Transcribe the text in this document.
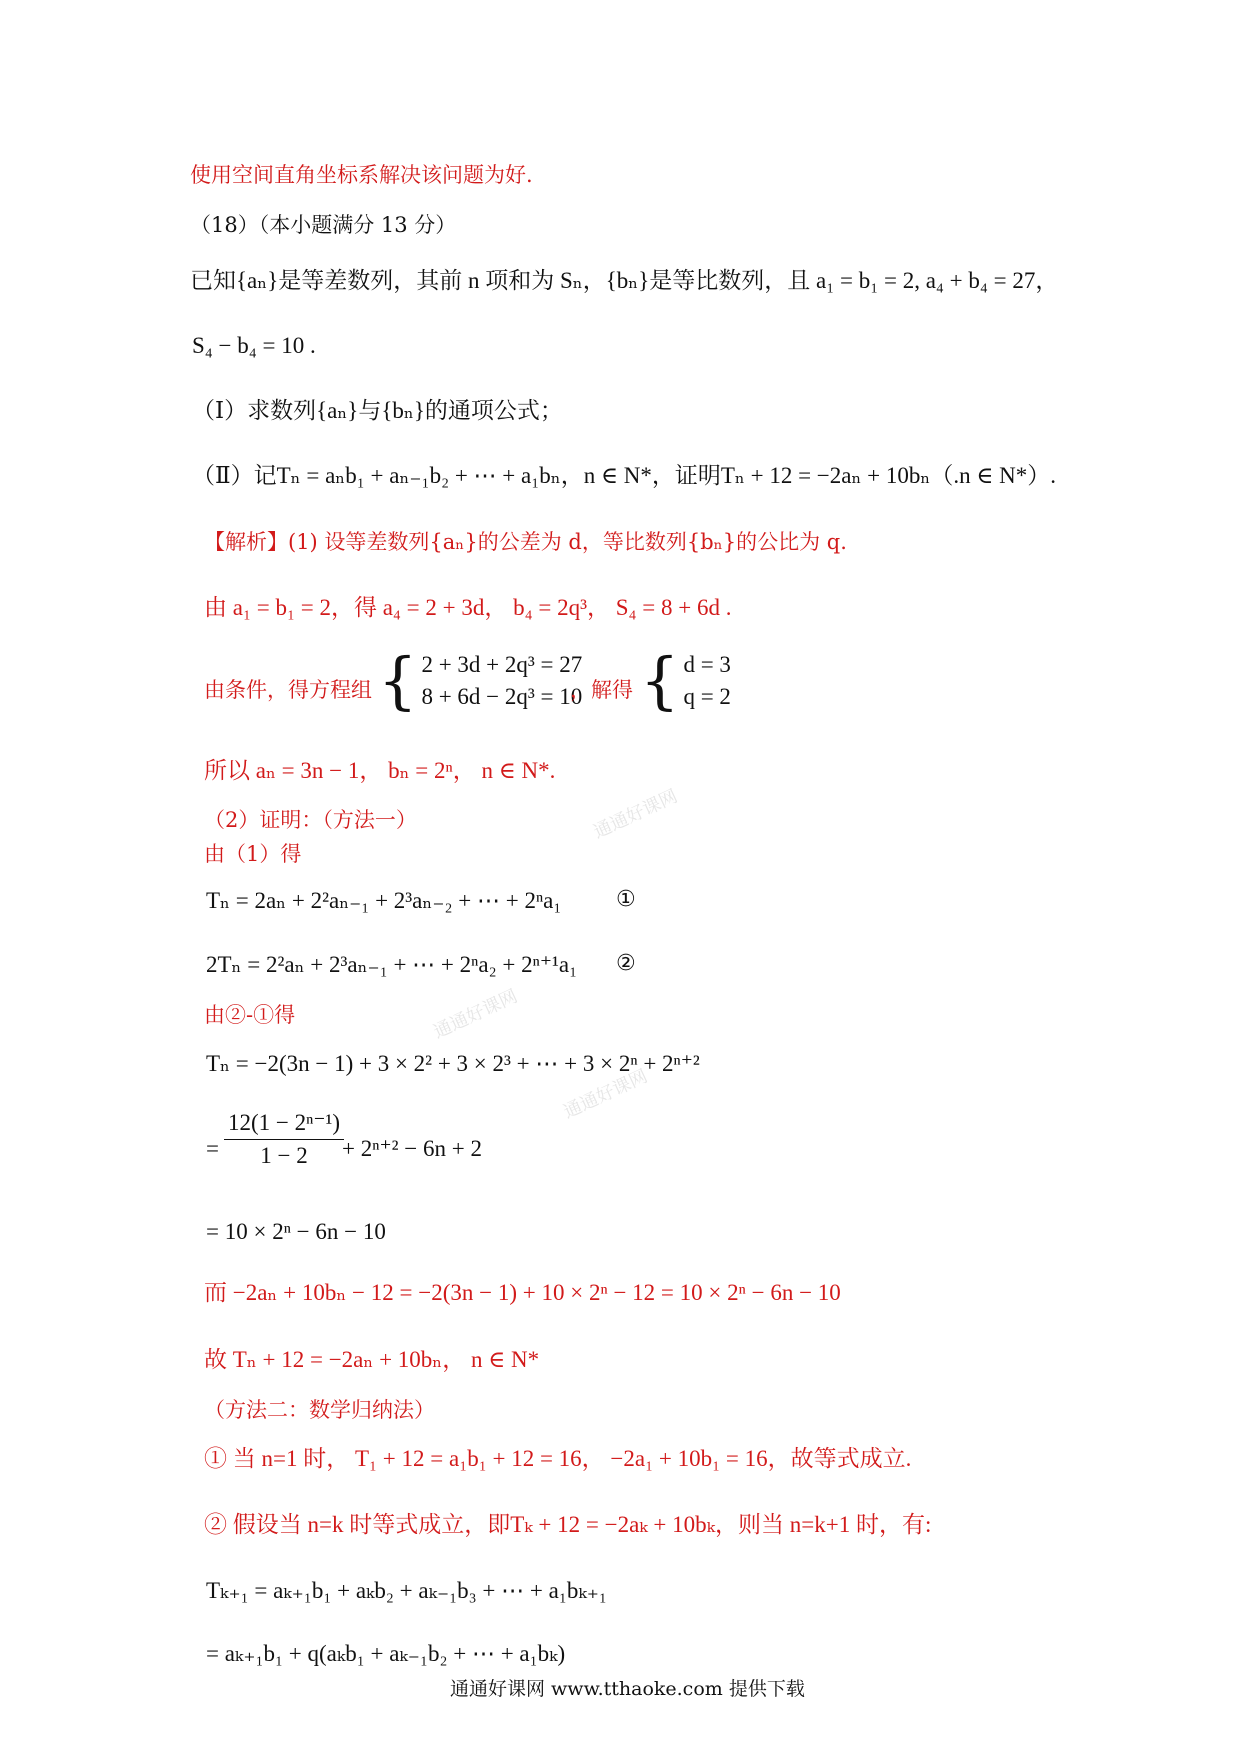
通通好课网
通通好课网
通通好课网
使用空间直角坐标系解决该问题为好.
（18）（本小题满分 13 分）
已知{aₙ}是等差数列，其前 n 项和为 Sₙ，{bₙ}是等比数列，且 a₁ = b₁ = 2, a₄ + b₄ = 27，
S₄ − b₄ = 10 .
（Ⅰ）求数列{aₙ}与{bₙ}的通项公式；
（Ⅱ）记Tₙ = aₙb₁ + aₙ₋₁b₂ + ⋯ + a₁bₙ，n ∈ N*，证明Tₙ + 12 = −2aₙ + 10bₙ（.n ∈ N*）.
【解析】(1) 设等差数列{aₙ}的公差为 d，等比数列{bₙ}的公比为 q.
由 a₁ = b₁ = 2，得 a₄ = 2 + 3d， b₄ = 2q³， S₄ = 8 + 6d .
由条件，得方程组 { 2 + 3d + 2q³ = 27
8 + 6d − 2q³ = 10
，解得 { d = 3
q = 2
所以 aₙ = 3n − 1， bₙ = 2ⁿ， n ∈ N*.
（2）证明：（方法一）
由（1）得
Tₙ = 2aₙ + 2²aₙ₋₁ + 2³aₙ₋₂ + ⋯ + 2ⁿa₁ ①
2Tₙ = 2²aₙ + 2³aₙ₋₁ + ⋯ + 2ⁿa₂ + 2ⁿ⁺¹a₁ ②
由②-①得
Tₙ = −2(3n − 1) + 3 × 2² + 3 × 2³ + ⋯ + 3 × 2ⁿ + 2ⁿ⁺²
= $\frac{\text{12(1 − 2ⁿ⁻¹)}}{1 - 2}$
+ 2ⁿ⁺² − 6n + 2
= 10 × 2ⁿ − 6n − 10
而 −2aₙ + 10bₙ − 12 = −2(3n − 1) + 10 × 2ⁿ − 12 = 10 × 2ⁿ − 6n − 10
故 Tₙ + 12 = −2aₙ + 10bₙ， n ∈ N*
（方法二：数学归纳法）
① 当 n=1 时， T₁ + 12 = a₁b₁ + 12 = 16， −2a₁ + 10b₁ = 16，故等式成立.
② 假设当 n=k 时等式成立，即Tₖ + 12 = −2aₖ + 10bₖ，则当 n=k+1 时，有:
Tₖ₊₁ = aₖ₊₁b₁ + aₖb₂ + aₖ₋₁b₃ + ⋯ + a₁bₖ₊₁
= aₖ₊₁b₁ + q(aₖb₁ + aₖ₋₁b₂ + ⋯ + a₁bₖ)
通通好课网 www.tthaoke.com 提供下载
